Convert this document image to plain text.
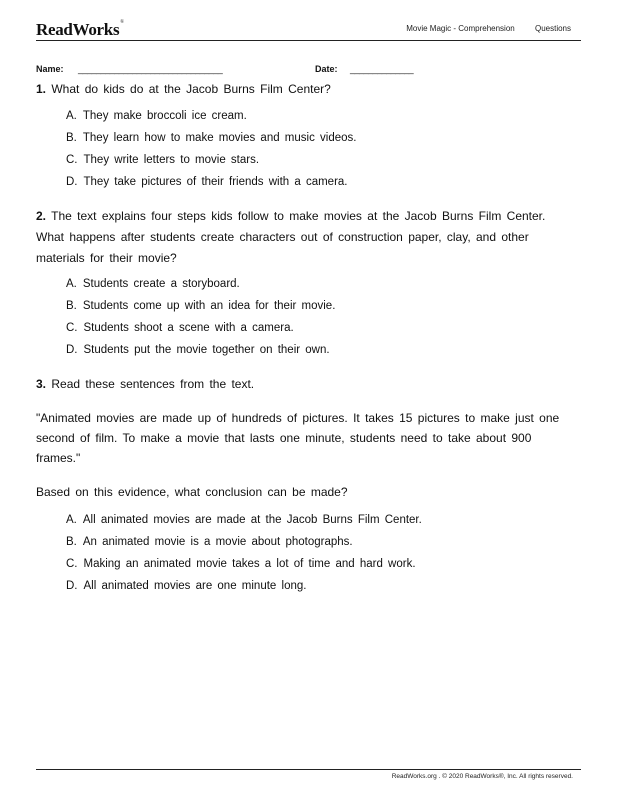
ReadWorks®
Movie Magic - Comprehension	Questions
Name: ________________________________	Date: ______________
1. What do kids do at the Jacob Burns Film Center?
A. They make broccoli ice cream.
B. They learn how to make movies and music videos.
C. They write letters to movie stars.
D. They take pictures of their friends with a camera.
2. The text explains four steps kids follow to make movies at the Jacob Burns Film Center. What happens after students create characters out of construction paper, clay, and other materials for their movie?
A. Students create a storyboard.
B. Students come up with an idea for their movie.
C. Students shoot a scene with a camera.
D. Students put the movie together on their own.
3. Read these sentences from the text.
"Animated movies are made up of hundreds of pictures. It takes 15 pictures to make just one second of film. To make a movie that lasts one minute, students need to take about 900 frames."
Based on this evidence, what conclusion can be made?
A. All animated movies are made at the Jacob Burns Film Center.
B. An animated movie is a movie about photographs.
C. Making an animated movie takes a lot of time and hard work.
D. All animated movies are one minute long.
ReadWorks.org . © 2020 ReadWorks®, Inc. All rights reserved.
